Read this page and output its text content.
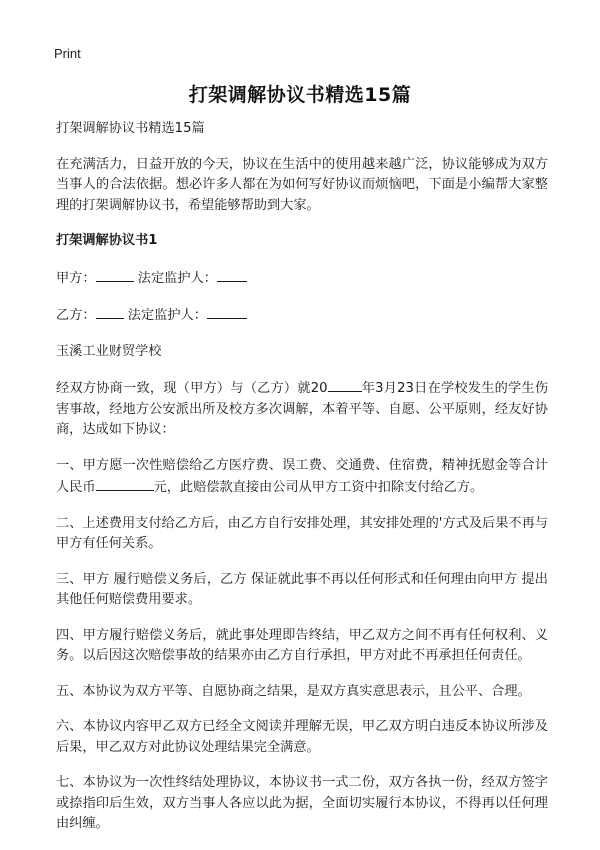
Print
打架调解协议书精选15篇

打架调解协议书精选15篇

在充满活力，日益开放的今天，协议在生活中的使用越来越广泛，协议能够成为双方当事人的合法依据。想必许多人都在为如何写好协议而烦恼吧，下面是小编帮大家整理的打架调解协议书，希望能够帮助到大家。

打架调解协议书1

甲方：	法定监护人：

乙方： 法定监护人：

玉溪工业财贸学校

经双方协商一致，现（甲方）与（乙方）就20	年3月23日在学校发生的学生伤害事故，经地方公安派出所及校方多次调解，本着平等、自愿、公平原则，经友好协商，达成如下协议：

一、甲方愿一次性赔偿给乙方医疗费、误工费、交通费、住宿费，精神抚慰金等合计人民币	元，此赔偿款直接由公司从甲方工资中扣除支付给乙方。

二、上述费用支付给乙方后，由乙方自行安排处理，其安排处理的'方式及后果不再与甲方有任何关系。

三、甲方 履行赔偿义务后，乙方 保证就此事不再以任何形式和任何理由向甲方 提出其他任何赔偿费用要求。

四、甲方履行赔偿义务后，就此事处理即告终结，甲乙双方之间不再有任何权利、义务。以后因这次赔偿事故的结果亦由乙方自行承担，甲方对此不再承担任何责任。

五、本协议为双方平等、自愿协商之结果，是双方真实意思表示，且公平、合理。

六、本协议内容甲乙双方已经全文阅读并理解无误，甲乙双方明白违反本协议所涉及后果，甲乙双方对此协议处理结果完全满意。

七、本协议为一次性终结处理协议，本协议书一式二份，双方各执一份，经双方签字或捺指印后生效，双方当事人各应以此为据，全面切实履行本协议，不得再以任何理由纠缠。
